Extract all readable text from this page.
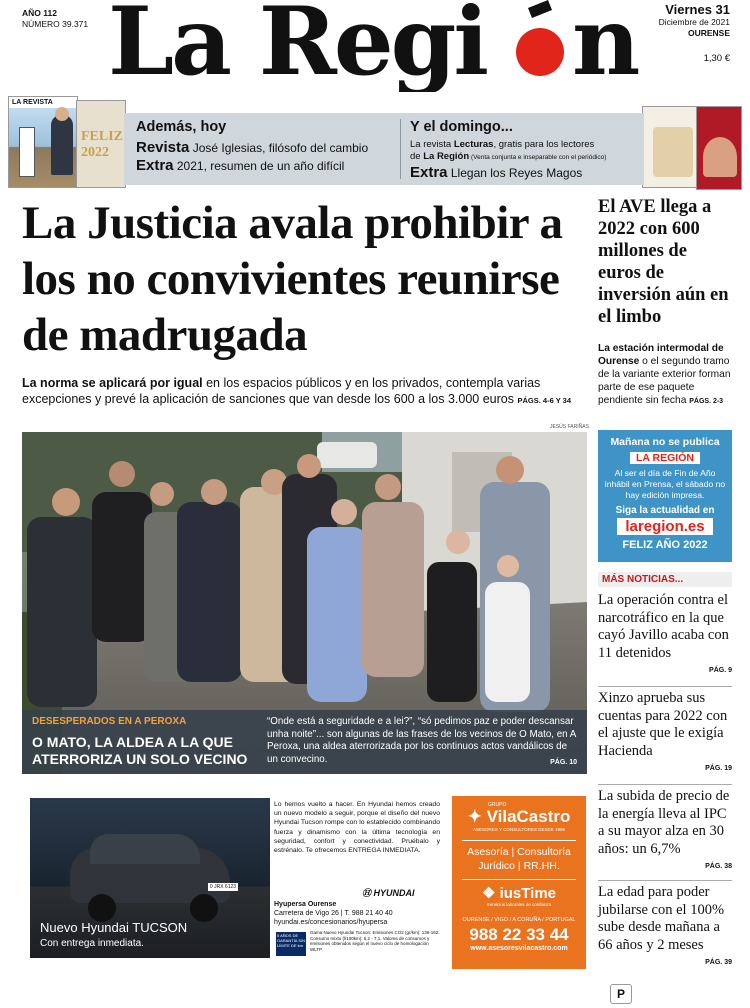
AÑO 112
NÚMERO 39.371 La Regi n	Viernes 31
Diciembre de 2021
OURENSE
1,30 €
LA REVISTA
FELIZ
2022
Además, hoy
Revista José Iglesias, filósofo del cambio
Extra 2021, resumen de un año difícil
Y el domingo...
La revista Lecturas, gratis para los lectores
de La Región (Venta conjunta e inseparable con el periódico)
Extra Llegan los Reyes Magos
La Justicia avala prohibir a los no convivientes reunirse de madrugada

La norma se aplicará por igual en los espacios públicos y en los privados, contempla varias excepciones y prevé la aplicación de sanciones que van desde los 600 a los 3.000 euros PÁGS. 4-6 Y 34

JESÚS FARIÑAS
DESESPERADOS EN A PEROXA
O MATO, LA ALDEA A LA QUE ATERRORIZA UN SOLO VECINO
“Onde está a seguridade e a lei?”, “só pedimos paz e poder descansar unha noite”... son algunas de las frases de los vecinos de O Mato, en A Peroxa, una aldea aterrorizada por los continuos actos vandálicos de un convecino.	PÁG. 10
0 JRX 6123
Nuevo Hyundai TUCSON
Con entrega inmediata.
Lo hemos vuelto a hacer. En Hyundai hemos creado un nuevo modelo a seguir, porque el diseño del nuevo Hyundai Tucson rompe con lo establecido combinando fuerza y dinamismo con la última tecnología en seguridad, confort y conectividad. Pruébalo y estrénalo. Te ofrecemos ENTREGA INMEDIATA.
Ⓗ HYUNDAI
Hyupersa Ourense
Carretera de Vigo 26 | T. 988 21 40 40
hyundai.es/concesionarios/hyupersa
5 AÑOS DE GARANTÍA SIN LÍMITE DE km
Gama Nuevo Hyundai Tucson: Emisiones CO2 (gr/km): 136-162. Consumo mixto (l/100km): 5,2 - 7,1. Valores de consumos y emisiones obtenidos según el nuevo ciclo de homologación WLTP.
GRUPO
✦ VilaCastro
ASESORES Y CONSULTORES DESDE 1996
Asesoría | Consultoría
Jurídico | RR.HH.
❖ iusTime
Servicios laborales de confianza
OURENSE / VIGO / A CORUÑA / PORTUGAL
988 22 33 44
www.asesoresvilacastro.com
El AVE llega a 2022 con 600 millones de euros de inversión aún en el limbo
La estación intermodal de Ourense o el segundo tramo de la variante exterior forman parte de ese paquete pendiente sin fecha PÁGS. 2-3
Mañana no se publica
LA REGIÓN
Al ser el día de Fin de Año inhábil en Prensa, el sábado no hay edición impresa.
Siga la actualidad en
laregion.es
FELIZ AÑO 2022
MÁS NOTICIAS...
La operación contra el narcotráfico en la que cayó Javillo acaba con 11 detenidos
PÁG. 9
Xinzo aprueba sus cuentas para 2022 con el ajuste que le exigía Hacienda
PÁG. 19
La subida de precio de la energía lleva al IPC a su mayor alza en 30 años: un 6,7%
PÁG. 38
La edad para poder jubilarse con el 100% sube desde mañana a 66 años y 2 meses
PÁG. 39
P
